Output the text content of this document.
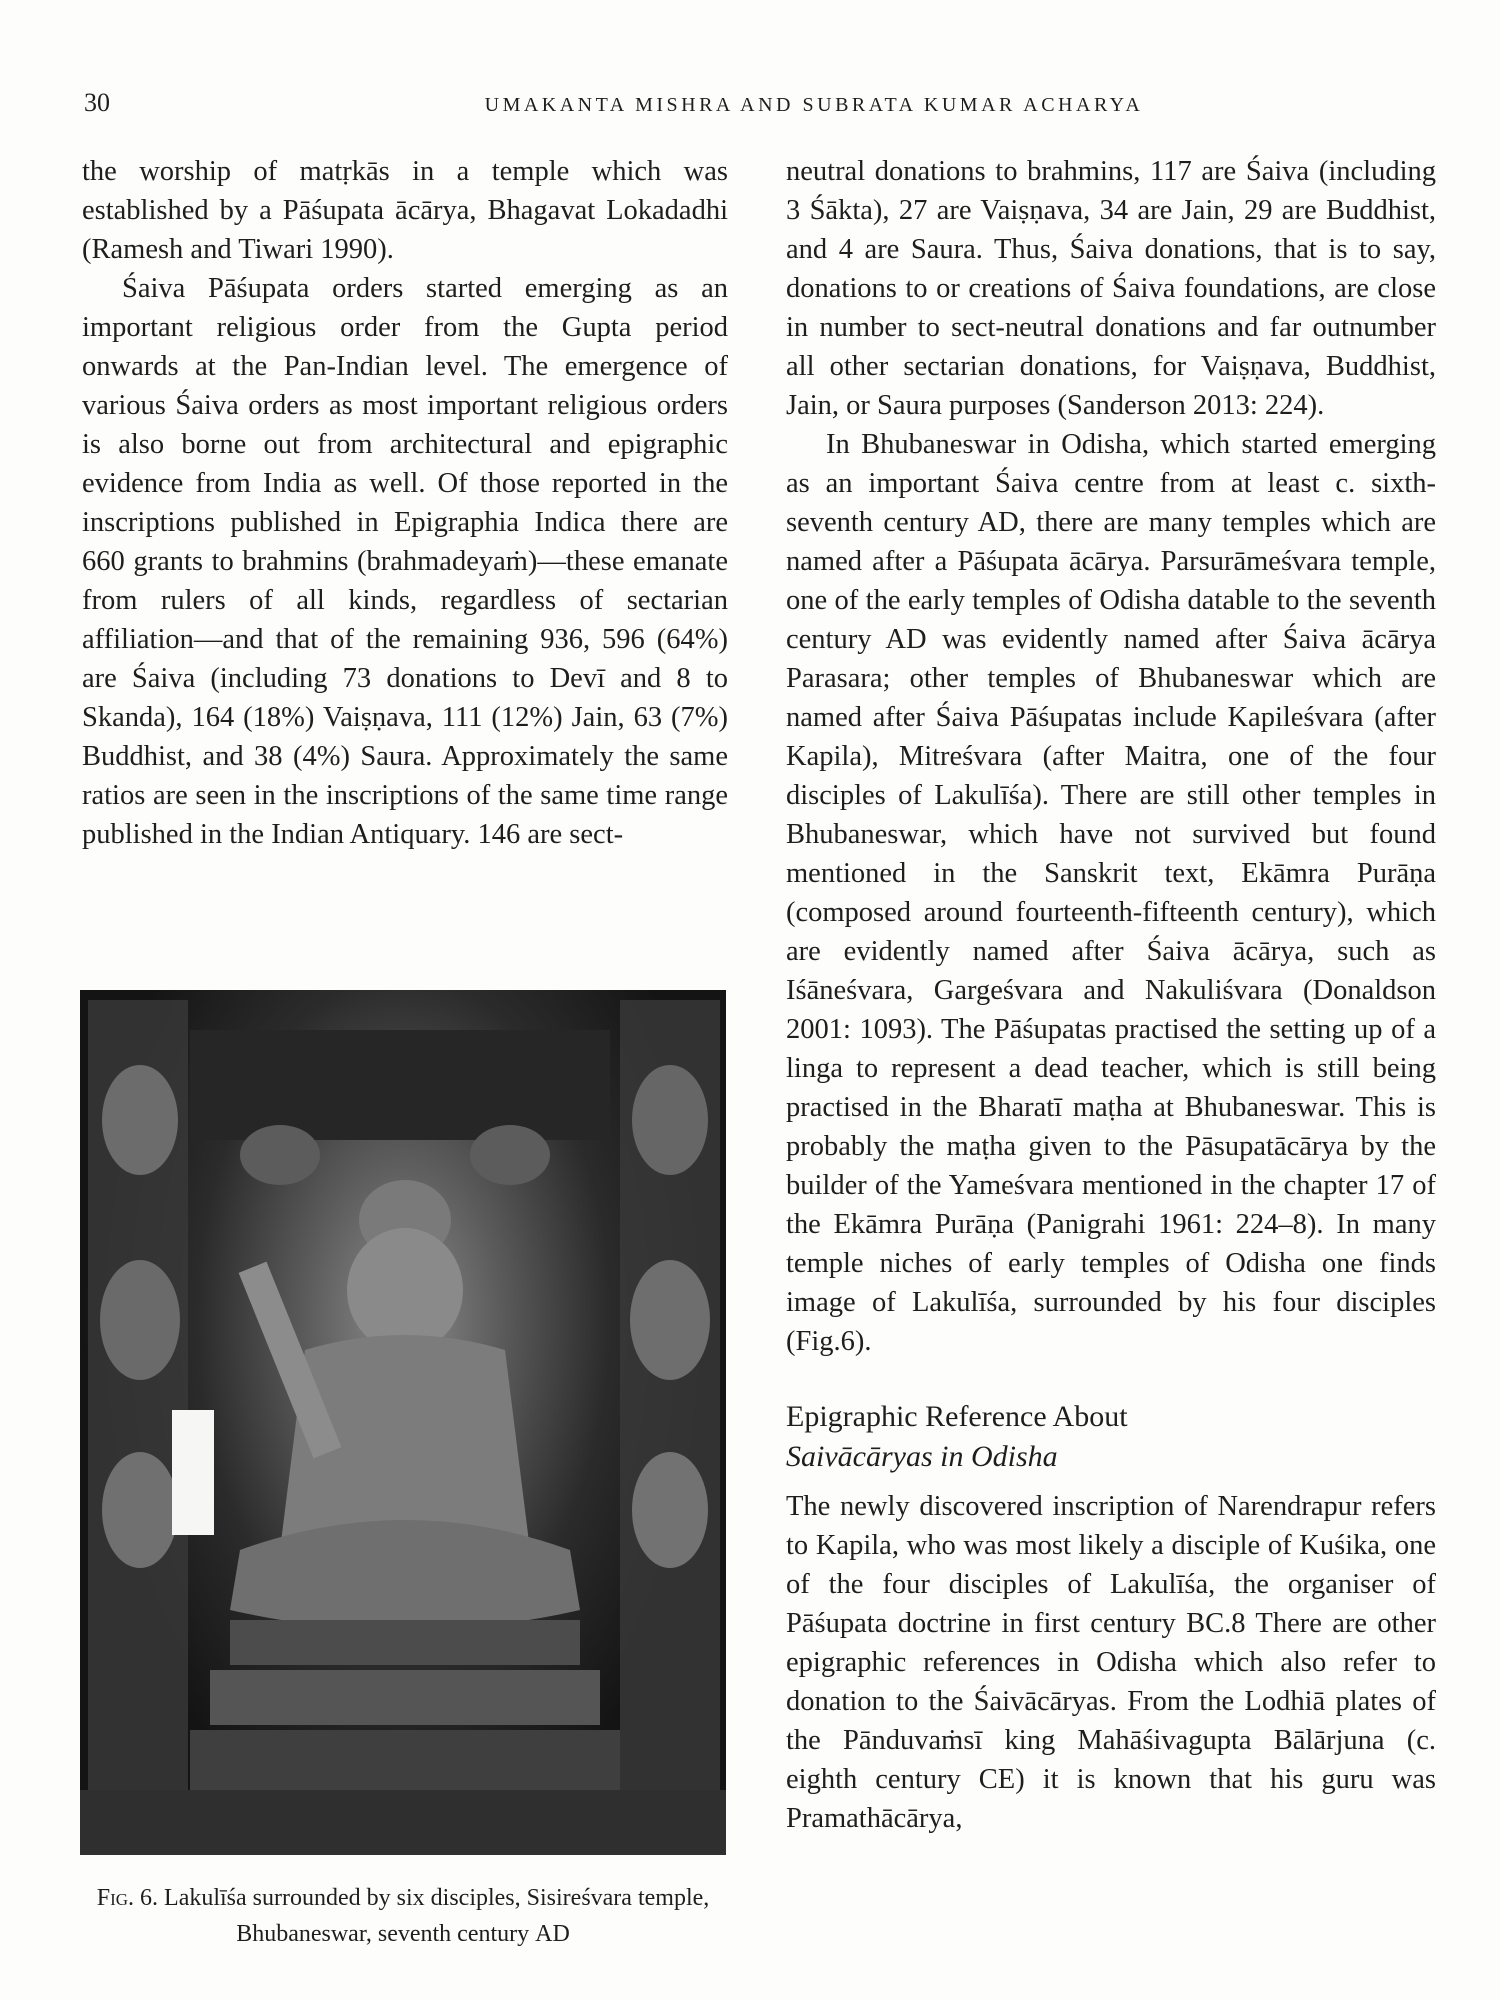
30	UMAKANTA MISHRA AND SUBRATA KUMAR ACHARYA

the worship of matṛkās in a temple which was established by a Pāśupata ācārya, Bhagavat Lokadadhi (Ramesh and Tiwari 1990).

Śaiva Pāśupata orders started emerging as an important religious order from the Gupta period onwards at the Pan-Indian level. The emergence of various Śaiva orders as most important religious orders is also borne out from architectural and epigraphic evidence from India as well. Of those reported in the inscriptions published in Epigraphia Indica there are 660 grants to brahmins (brahmadeyaṁ)—these emanate from rulers of all kinds, regardless of sectarian affiliation—and that of the remaining 936, 596 (64%) are Śaiva (including 73 donations to Devī and 8 to Skanda), 164 (18%) Vaiṣṇava, 111 (12%) Jain, 63 (7%) Buddhist, and 38 (4%) Saura. Approximately the same ratios are seen in the inscriptions of the same time range published in the Indian Antiquary. 146 are sect-

Fig. 6. Lakulīśa surrounded by six disciples, Sisireśvara temple, Bhubaneswar, seventh century AD

neutral donations to brahmins, 117 are Śaiva (including 3 Śākta), 27 are Vaiṣṇava, 34 are Jain, 29 are Buddhist, and 4 are Saura. Thus, Śaiva donations, that is to say, donations to or creations of Śaiva foundations, are close in number to sect-neutral donations and far outnumber all other sectarian donations, for Vaiṣṇava, Buddhist, Jain, or Saura purposes (Sanderson 2013: 224).

In Bhubaneswar in Odisha, which started emerging as an important Śaiva centre from at least c. sixth-seventh century AD, there are many temples which are named after a Pāśupata ācārya. Parsurāmeśvara temple, one of the early temples of Odisha datable to the seventh century AD was evidently named after Śaiva ācārya Parasara; other temples of Bhubaneswar which are named after Śaiva Pāśupatas include Kapileśvara (after Kapila), Mitreśvara (after Maitra, one of the four disciples of Lakulīśa). There are still other temples in Bhubaneswar, which have not survived but found mentioned in the Sanskrit text, Ekāmra Purāṇa (composed around fourteenth-fifteenth century), which are evidently named after Śaiva ācārya, such as Iśāneśvara, Gargeśvara and Nakuliśvara (Donaldson 2001: 1093). The Pāśupatas practised the setting up of a linga to represent a dead teacher, which is still being practised in the Bharatī maṭha at Bhubaneswar. This is probably the maṭha given to the Pāsupatācārya by the builder of the Yameśvara mentioned in the chapter 17 of the Ekāmra Purāṇa (Panigrahi 1961: 224–8). In many temple niches of early temples of Odisha one finds image of Lakulīśa, surrounded by his four disciples (Fig.6).

Epigraphic Reference About
Saivācāryas in Odisha

The newly discovered inscription of Narendrapur refers to Kapila, who was most likely a disciple of Kuśika, one of the four disciples of Lakulīśa, the organiser of Pāśupata doctrine in first century BC.8 There are other epigraphic references in Odisha which also refer to donation to the Śaivācāryas. From the Lodhiā plates of the Pānduvaṁsī king Mahāśivagupta Bālārjuna (c. eighth century CE) it is known that his guru was Pramathācārya,
